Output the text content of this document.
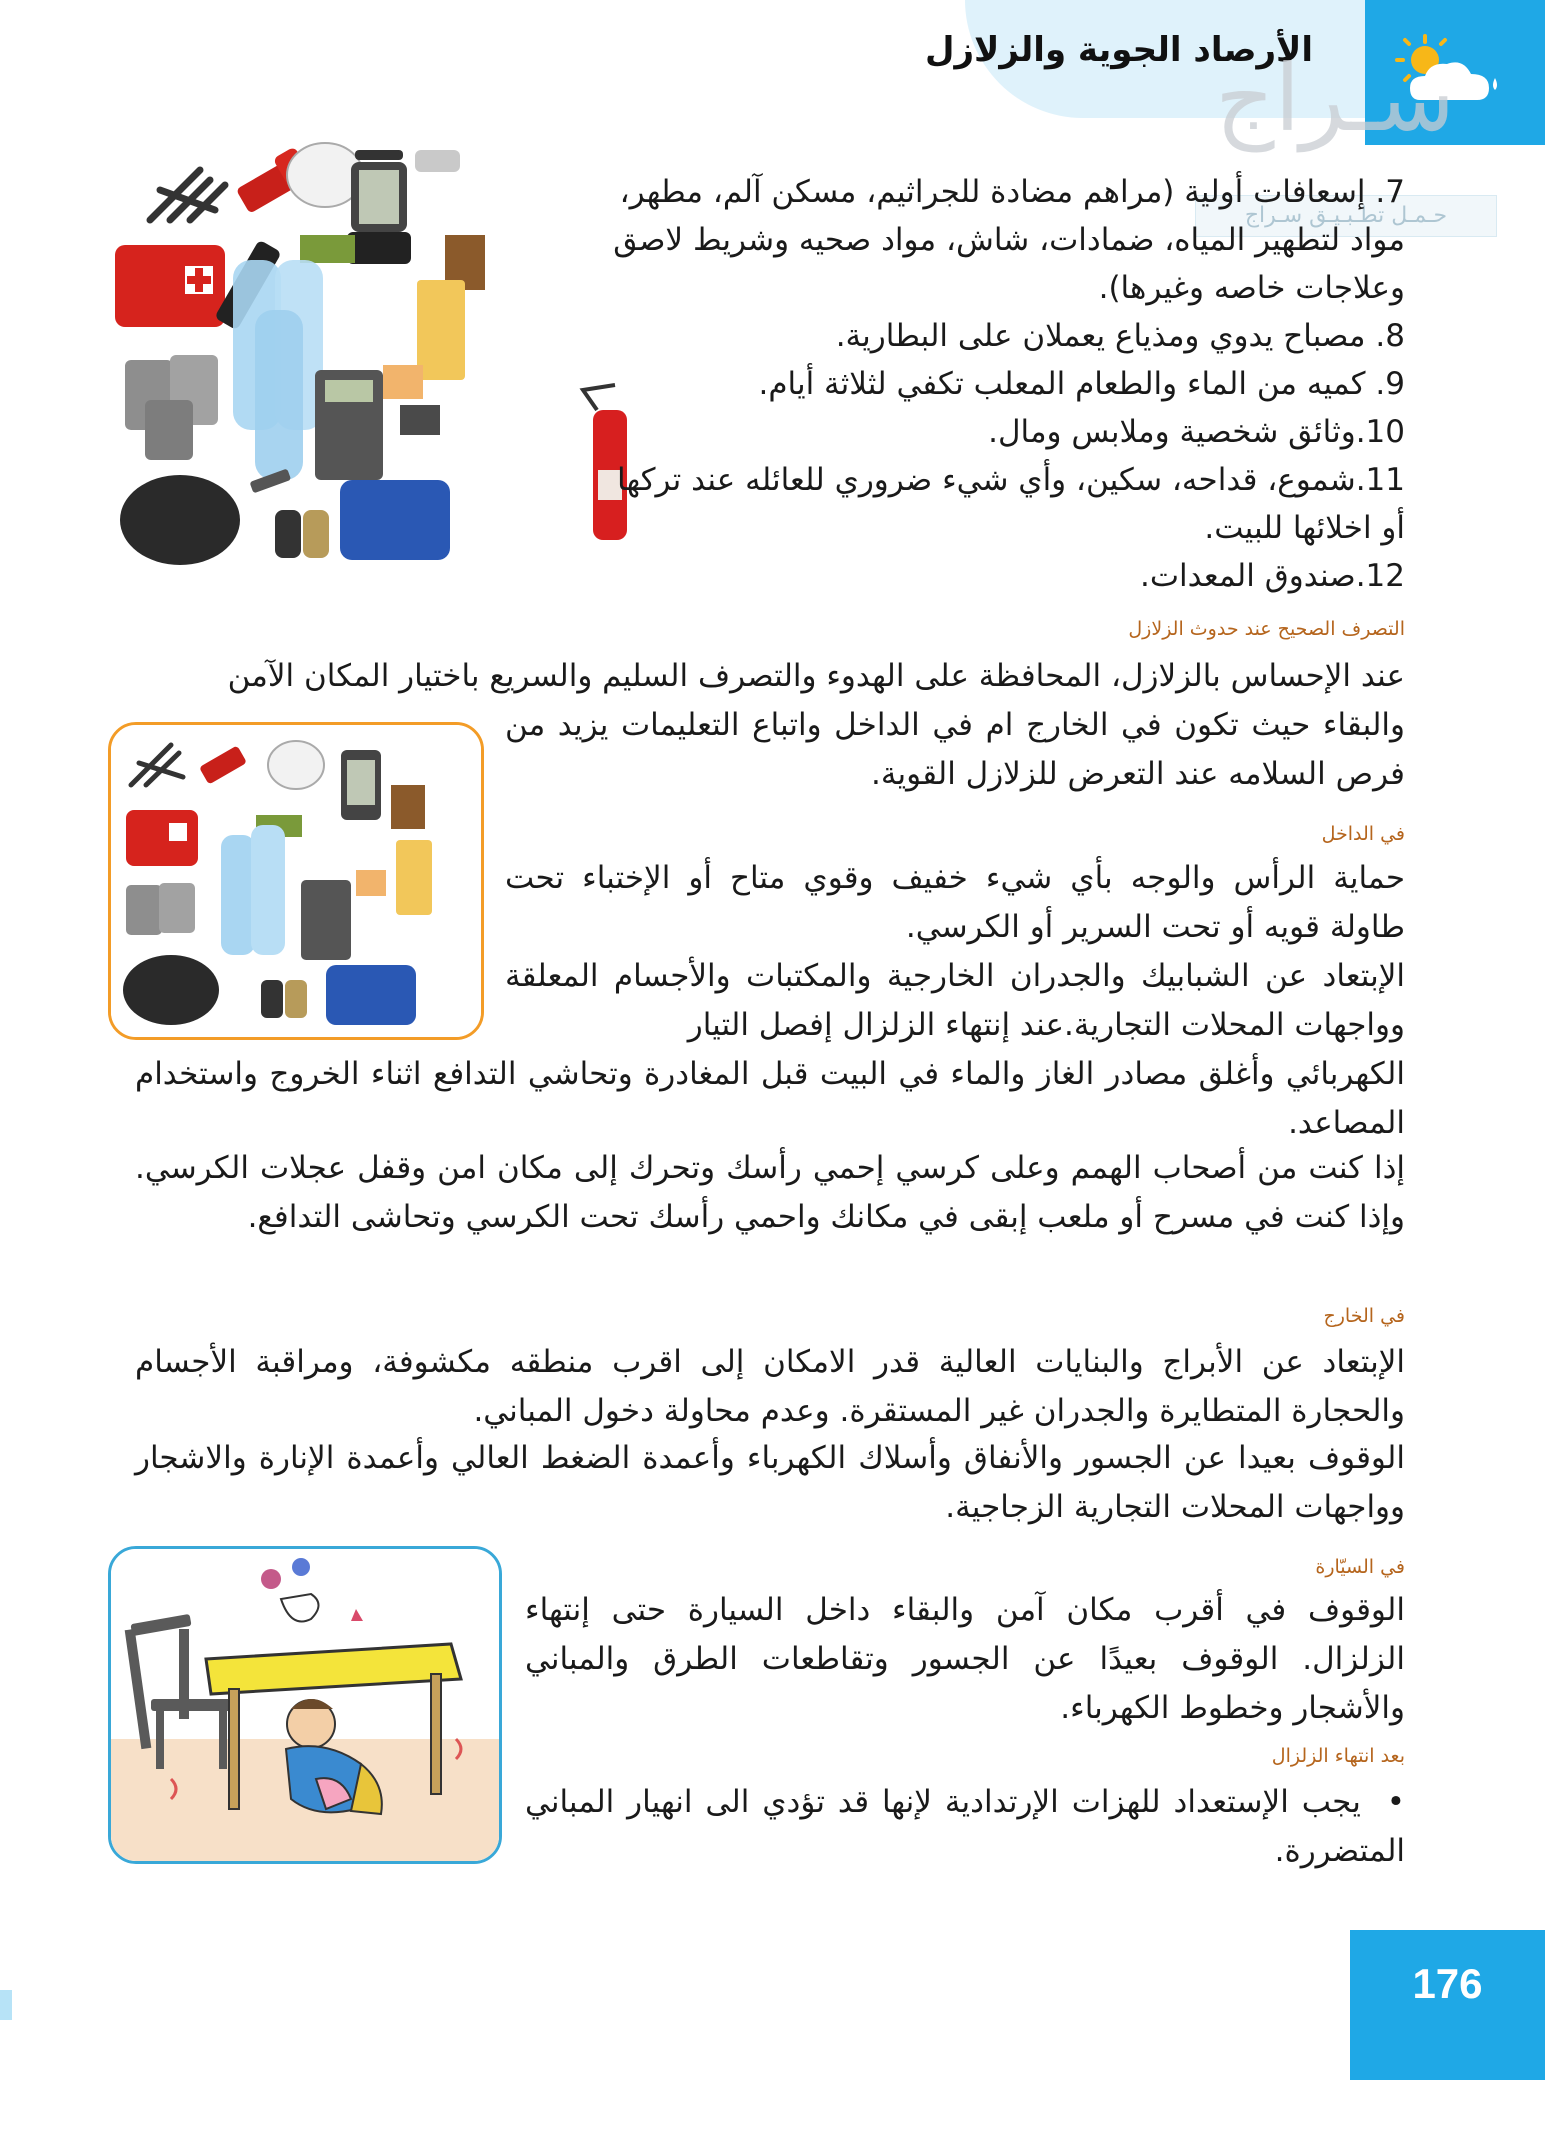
الأرصاد الجوية والزلازل
سـراج
حـمـل تطـبـيـق سـراج
7. إسعافات أولية (مراهم مضادة للجراثيم، مسكن آلم، مطهر، مواد لتطهير المياه، ضمادات، شاش، مواد صحيه وشريط لاصق وعلاجات خاصه وغيرها).
8. مصباح يدوي ومذياع يعملان على البطارية.
9. كميه من الماء والطعام المعلب تكفي لثلاثة أيام.
10.وثائق شخصية وملابس ومال.
11.شموع، قداحه، سكين، وأي شيء ضروري للعائله عند تركها أو اخلائها للبيت.
12.صندوق المعدات.
التصرف الصحيح عند حدوث الزلازل
عند الإحساس بالزلازل، المحافظة على الهدوء والتصرف السليم والسريع باختيار المكان الآمن
والبقاء حيث تكون في الخارج ام في الداخل واتباع التعليمات يزيد من فرص السلامه عند التعرض للزلازل القوية.
في الداخل
حماية الرأس والوجه بأي شيء خفيف وقوي متاح أو الإختباء تحت طاولة قويه أو تحت السرير أو الكرسي.
الإبتعاد عن الشبابيك والجدران الخارجية والمكتبات والأجسام المعلقة وواجهات المحلات التجارية.عند إنتهاء الزلزال إفصل التيار
الكهربائي وأغلق مصادر الغاز والماء في البيت قبل المغادرة وتحاشي التدافع اثناء الخروج واستخدام المصاعد.
إذا كنت من أصحاب الهمم وعلى كرسي إحمي رأسك وتحرك إلى مكان امن وقفل عجلات الكرسي. وإذا كنت في مسرح أو ملعب إبقى في مكانك واحمي رأسك تحت الكرسي وتحاشى التدافع.
في الخارج
الإبتعاد عن الأبراج والبنايات العالية قدر الامكان إلى اقرب منطقه مكشوفة، ومراقبة الأجسام والحجارة المتطايرة والجدران غير المستقرة. وعدم محاولة دخول المباني.
الوقوف بعيدا عن الجسور والأنفاق وأسلاك الكهرباء وأعمدة الضغط العالي وأعمدة الإنارة والاشجار وواجهات المحلات التجارية الزجاجية.
في السيّارة
الوقوف في أقرب مكان آمن والبقاء داخل السيارة حتى إنتهاء الزلزال. الوقوف بعيدًا عن الجسور وتقاطعات الطرق والمباني والأشجار وخطوط الكهرباء.
بعد انتهاء الزلزال
•  يجب الإستعداد للهزات الإرتدادية لإنها قد تؤدي الى انهيار المباني المتضررة.
176
